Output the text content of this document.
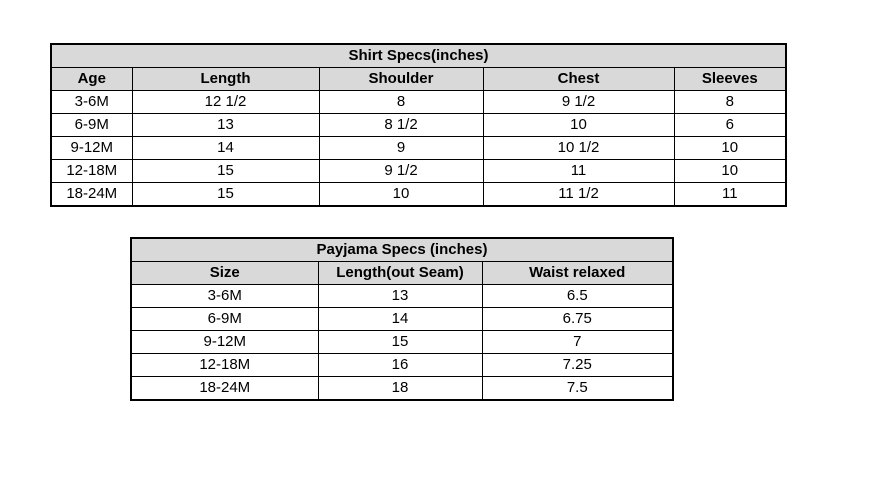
Shirt Specs(inches)				
Age	Length	Shoulder	Chest	Sleeves
3-6M	12 1/2	8	9 1/2	8
6-9M	13	8 1/2	10	6
9-12M	14	9	10 1/2	10
12-18M	15	9 1/2	11	10
18-24M	15	10	11 1/2	11
Payjama Specs (inches)		
Size	Length(out Seam)	Waist relaxed
3-6M	13	6.5
6-9M	14	6.75
9-12M	15	7
12-18M	16	7.25
18-24M	18	7.5
